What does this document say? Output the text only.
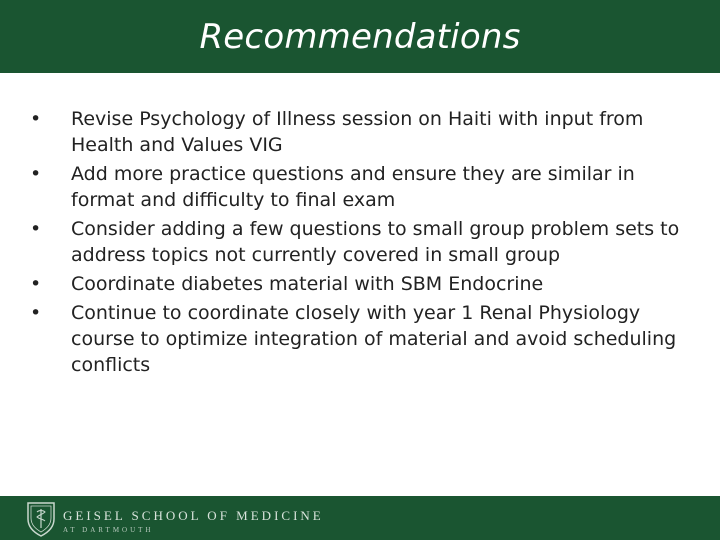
Recommendations
•	Revise Psychology of Illness session on Haiti with input from Health and Values VIG
•	Add more practice questions and ensure they are similar in format and difficulty to final exam
•	Consider adding a few questions to small group problem sets to address topics not currently covered in small group
•	Coordinate diabetes material with SBM Endocrine
•	Continue to coordinate closely with year 1 Renal Physiology course to optimize integration of material and avoid scheduling conflicts
GEISEL SCHOOL OF MEDICINE
AT DARTMOUTH
